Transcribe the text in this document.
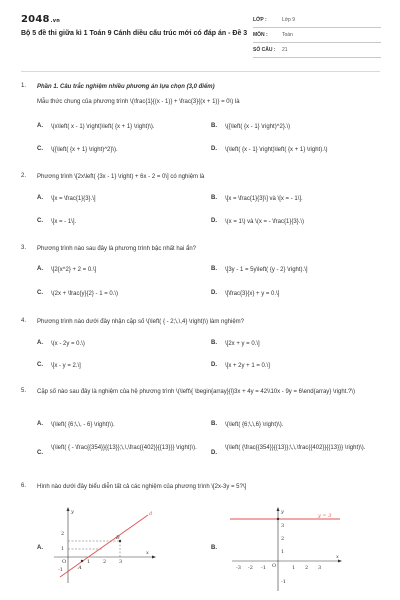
2048.vn
Bộ 5 đề thi giữa kì 1 Toán 9 Cánh diều cấu trúc mới có đáp án - Đề 3
LỚP :	Lớp 9
MÔN :	Toán
SỐ CÂU :	21
1.	Phần 1. Câu trắc nghiệm nhiều phương án lựa chọn (3,0 điểm)
Mẫu thức chung của phương trình \(\frac{1}{(x - 1)} + \frac{3}{(x + 1)} = 0\) là
A. \(x\left( x - 1) \right)\left( {x + 1} \right)\).	B. \({\left( {x - 1} \right)^2}.\)
C. \({\left( {x + 1} \right)^2}\).	D. \(\left( {x - 1} \right)\left( {x + 1} \right).\)
2.	Phương trình \[2x\left( {3x - 1} \right) + 6x - 2 = 0\] có nghiệm là
A. \[x = \frac{1}{3}.\]	B. \[x = \frac{1}{3}\] và \[x = - 1\].
C. \[x = - 1\].	D. \(x = 1\) và \(x = - \frac{1}{3}.\)
3.	Phương trình nào sau đây là phương trình bậc nhất hai ẩn?
A. \[2{x^2} + 2 = 0.\]	B. \[3y - 1 = 5y\left( {y - 2} \right).\]
C. \(2x + \frac{y}{2} - 1 = 0.\)	D. \[\frac{3}{x} + y = 0.\]
4.	Phương trình nào dưới đây nhận cặp số \(\left( { - 2;\,\,4} \right)\) làm nghiệm?
A. \(x - 2y = 0.\)	B. \[2x + y = 0.\]
C. \[x - y = 2.\]	D. \[x + 2y + 1 = 0.\]
5.	Cặp số nào sau đây là nghiệm của hệ phương trình \(\left\{ \begin{array}{l}3x + 4y = 42\\10x - 9y = 6\end{array} \right.?\)
A. \(\left( {6;\,\, - 6} \right)\).	B. \(\left( {6;\,\,6} \right)\).
C.
\(\left( { - \frac{{354}}{{13}};\,\,\frac{{402}}{{13}}} \right)\).
D.
\(\left( {\frac{{354}}{{13}};\,\,\frac{{402}}{{13}}} \right)\).
6.	Hình nào dưới đây biểu diễn tất cả các nghiệm của phương trình \[2x-3y = 5?\]
A.	B.
y
x
O
d
2
1
1	2	3
B
A
-1
y
x
O
y = 3
3
2
1
-1
-3 -2 -1	1 2 3
